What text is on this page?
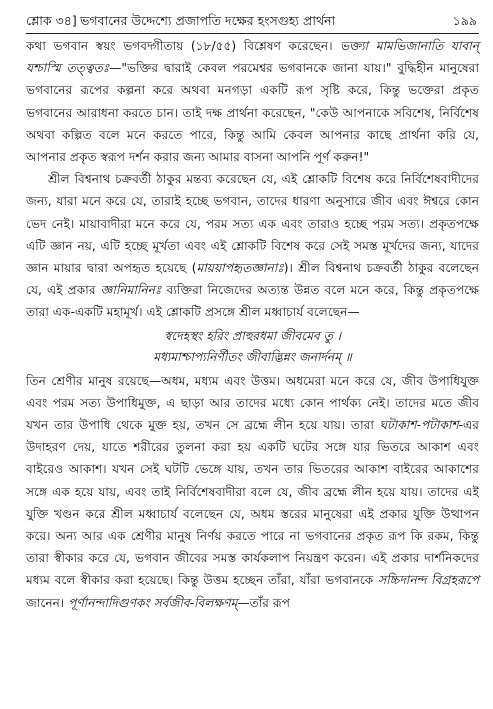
শ্লোক ৩৪] ভগবানের উদ্দেশ্যে প্রজাপতি দক্ষের হংসগুহ্য প্রার্থনা	১৯৯

কথা ভগবান স্বয়ং ভগবদ্গীতায় (১৮/৫৫) বিশ্লেষণ করেছেন। ভক্ত্যা মামভিজানাতি যাবান্ যশ্চাস্মি তত্ত্বতঃ—"ভক্তির দ্বারাই কেবল পরমেশ্বর ভগবানকে জানা যায়।" বুদ্ধিহীন মানুষেরা ভগবানের রূপের কল্পনা করে অথবা মনগড়া একটি রূপ সৃষ্টি করে, কিন্তু ভক্তেরা প্রকৃত ভগবানের আরাধনা করতে চান। তাই দক্ষ প্রার্থনা করেছেন, "কেউ আপনাকে সবিশেষ, নির্বিশেষ অথবা কল্পিত বলে মনে করতে পারে, কিন্তু আমি কেবল আপনার কাছে প্রার্থনা করি যে, আপনার প্রকৃত স্বরূপ দর্শন করার জন্য আমার বাসনা আপনি পূর্ণ করুন!"

শ্রীল বিশ্বনাথ চক্রবর্তী ঠাকুর মন্তব্য করেছেন যে, এই শ্লোকটি বিশেষ করে নির্বিশেষবাদীদের জন্য, যারা মনে করে যে, তারাই হচ্ছে ভগবান, তাদের ধারণা অনুসারে জীব এবং ঈশ্বরে কোন ভেদ নেই। মায়াবাদীরা মনে করে যে, পরম সত্য এক এবং তারাও হচ্ছে পরম সত্য। প্রকৃতপক্ষে এটি জ্ঞান নয়, এটি হচ্ছে মূর্খতা এবং এই শ্লোকটি বিশেষ করে সেই সমস্ত মূর্খদের জন্য, যাদের জ্ঞান মায়ার দ্বারা অপহৃত হয়েছে (মায়য়াপহৃতজ্ঞানাঃ)। শ্রীল বিশ্বনাথ চক্রবর্তী ঠাকুর বলেছেন যে, এই প্রকার জ্ঞানিমানিনঃ ব্যক্তিরা নিজেদের অত্যন্ত উন্নত বলে মনে করে, কিন্তু প্রকৃতপক্ষে তারা এক-একটি মহামূর্খ। এই শ্লোকটি প্রসঙ্গে শ্রীল মধ্বাচার্য বলেছেন—

স্বদেহস্থং হরিং প্রাহুরধমা জীবমেব তু ।
মধ্যমাশ্চাপ্যনির্ণীতং জীবাদ্ভিন্নং জনার্দনম্ ॥

তিন শ্রেণীর মানুষ রয়েছে—অধম, মধ্যম এবং উত্তম। অধমেরা মনে করে যে, জীব উপাধিযুক্ত এবং পরম সত্য উপাধিমুক্ত, এ ছাড়া আর তাদের মধ্যে কোন পার্থক্য নেই। তাদের মতে জীব যখন তার উপাধি থেকে মুক্ত হয়, তখন সে ব্রহ্মে লীন হয়ে যায়। তারা ঘটাকাশ-পটাকাশ-এর উদাহরণ দেয়, যাতে শরীরের তুলনা করা হয় একটি ঘটের সঙ্গে যার ভিতরে আকাশ এবং বাইরেও আকাশ। যখন সেই ঘটটি ভেঙ্গে যায়, তখন তার ভিতরের আকাশ বাইরের আকাশের সঙ্গে এক হয়ে যায়, এবং তাই নির্বিশেষবাদীরা বলে যে, জীব ব্রহ্মে লীন হয়ে যায়। তাদের এই যুক্তি খণ্ডন করে শ্রীল মধ্বাচার্য বলেছেন যে, অধম স্তরের মানুষেরা এই প্রকার যুক্তি উত্থাপন করে। অন্য আর এক শ্রেণীর মানুষ নির্ণয় করতে পারে না ভগবানের প্রকৃত রূপ কি রকম, কিন্তু তারা স্বীকার করে যে, ভগবান জীবের সমস্ত কার্যকলাপ নিয়ন্ত্রণ করেন। এই প্রকার দার্শনিকদের মধ্যম বলে স্বীকার করা হয়েছে। কিন্তু উত্তম হচ্ছেন তাঁরা, যাঁরা ভগবানকে সচ্চিদানন্দ বিগ্রহরূপে জানেন। পূর্ণানন্দাদিগুণকং সর্বজীব-বিলক্ষণম্—তাঁর রূপ
